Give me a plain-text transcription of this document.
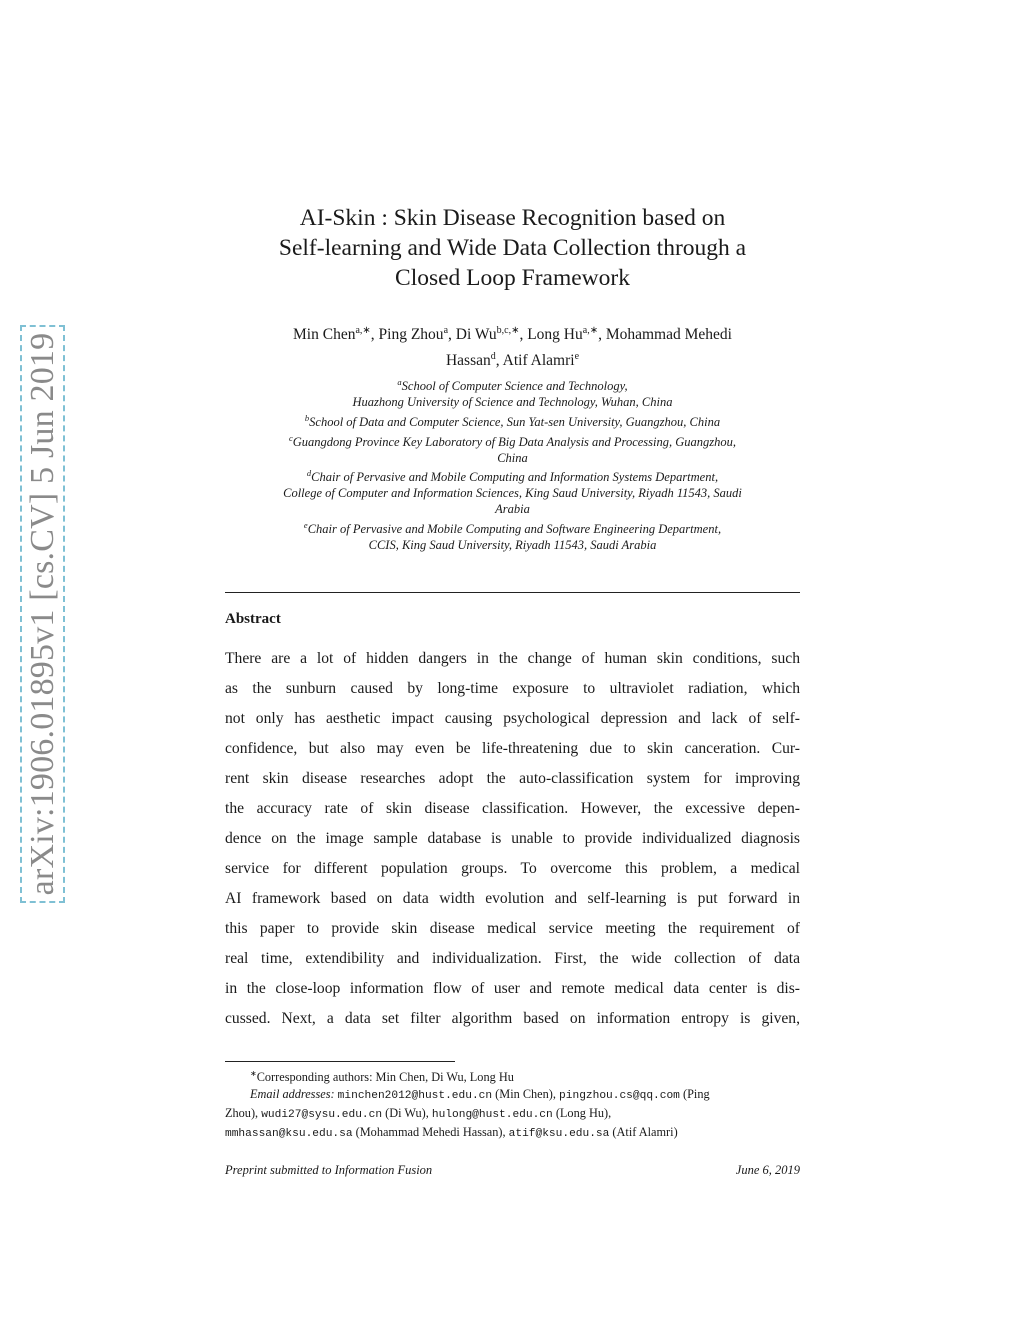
arXiv:1906.01895v1 [cs.CV] 5 Jun 2019
AI-Skin : Skin Disease Recognition based on
Self-learning and Wide Data Collection through a
Closed Loop Framework
Min Chen$^{a,∗}$, Ping Zhou$^a$, Di $Wu^{b,c,∗}$, Long $Hu^{a,∗}$, Mohammad Mehedi
Hassan$^d$, Atif Alamri$^e$
$^a$School of Computer Science and Technology,
Huazhong University of Science and Technology, Wuhan, China
$^b$School of Data and Computer Science, Sun Yat-sen University, Guangzhou, China
$^c$Guangdong Province Key Laboratory of Big Data Analysis and Processing, Guangzhou,
China
$^d$Chair of Pervasive and Mobile Computing and Information Systems Department,
College of Computer and Information Sciences, King Saud University, Riyadh 11543, Saudi
Arabia
$^e$Chair of Pervasive and Mobile Computing and Software Engineering Department,
CCIS, King Saud University, Riyadh 11543, Saudi Arabia
Abstract
There are a lot of hidden dangers in the change of human skin conditions, such
as the sunburn caused by long-time exposure to ultraviolet radiation, which
not only has aesthetic impact causing psychological depression and lack of self-
confidence, but also may even be life-threatening due to skin canceration. Cur-
rent skin disease researches adopt the auto-classification system for improving
the accuracy rate of skin disease classification. However, the excessive depen-
dence on the image sample database is unable to provide individualized diagnosis
service for different population groups. To overcome this problem, a medical
AI framework based on data width evolution and self-learning is put forward in
this paper to provide skin disease medical service meeting the requirement of
real time, extendibility and individualization. First, the wide collection of data
in the close-loop information flow of user and remote medical data center is dis-
cussed. Next, a data set filter algorithm based on information entropy is given,
∗Corresponding authors: Min Chen, Di Wu, Long Hu
Email addresses: minchen2012@hust.edu.cn (Min Chen), pingzhou.cs@qq.com (Ping
Zhou), wudi27@sysu.edu.cn (Di Wu), hulong@hust.edu.cn (Long Hu),
mmhassan@ksu.edu.sa (Mohammad Mehedi Hassan), atif@ksu.edu.sa (Atif Alamri)
Preprint submitted to Information Fusion	June 6, 2019
